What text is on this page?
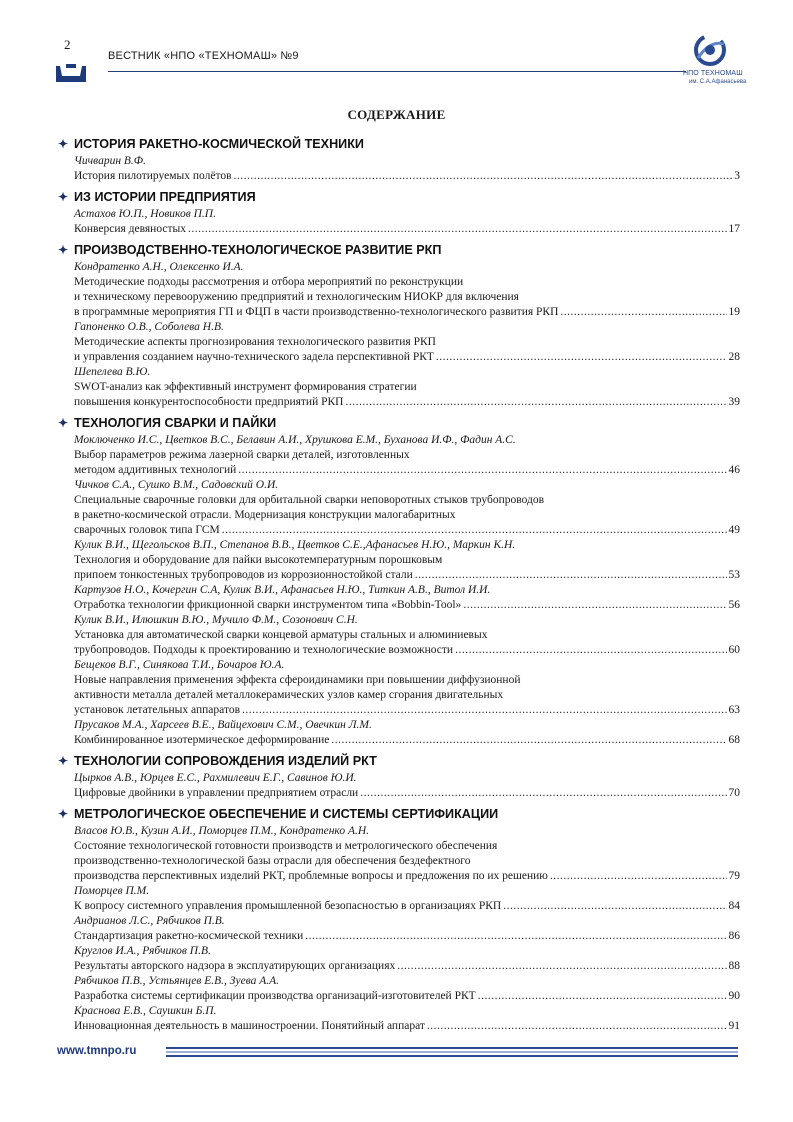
2
ВЕСТНИК «НПО «ТЕХНОМАШ» №9
НПО ТЕХНОМАШ
им. С.А.Афанасьева
СОДЕРЖАНИЕ
✦ ИСТОРИЯ РАКЕТНО-КОСМИЧЕСКОЙ ТЕХНИКИ
Чичварин В.Ф.
История пилотируемых полётов .....	3
✦ ИЗ ИСТОРИИ ПРЕДПРИЯТИЯ
Астахов Ю.П., Новиков П.П.
Конверсия девяностых .....	17
✦ ПРОИЗВОДСТВЕННО-ТЕХНОЛОГИЧЕСКОЕ РАЗВИТИЕ РКП
Кондратенко А.Н., Олексенко И.А.
Методические подходы рассмотрения и отбора мероприятий по реконструкции
и техническому перевооружению предприятий и технологическим НИОКР для включения
в программные мероприятия ГП и ФЦП в части производственно-технологического развития РКП .....	19
Гапоненко О.В., Соболева Н.В.
Методические аспекты прогнозирования технологического развития РКП
и управления созданием научно-технического задела перспективной РКТ .....	28
Шепелева В.Ю.
SWOT-анализ как эффективный инструмент формирования стратегии
повышения конкурентоспособности предприятий РКП .....	39
✦ ТЕХНОЛОГИЯ СВАРКИ И ПАЙКИ
Моключенко И.С., Цветков В.С., Белавин А.И., Хрушкова Е.М., Буханова И.Ф., Фадин А.С.
Выбор параметров режима лазерной сварки деталей, изготовленных
методом аддитивных технологий .....	46
Чичков С.А., Сушко В.М., Садовский О.И.
Специальные сварочные головки для орбитальной сварки неповоротных стыков трубопроводов
в ракетно-космической отрасли. Модернизация конструкции малогабаритных
сварочных головок типа ГСМ .....	49
Кулик В.И., Щегольсков В.П., Степанов В.В., Цветков С.Е.,Афанасьев Н.Ю., Маркин К.Н.
Технология и оборудование для пайки высокотемпературным порошковым
припоем тонкостенных трубопроводов из коррозионностойкой стали .....	53
Картузов Н.О., Кочергин С.А, Кулик В.И., Афанасьев Н.Ю., Титкин А.В., Витол И.И.
Отработка технологии фрикционной сварки инструментом типа «Bobbin-Tool» .....	56
Кулик В.И., Илюшкин В.Ю., Мучило Ф.М., Созонович С.Н.
Установка для автоматической сварки концевой арматуры стальных и алюминиевых
трубопроводов. Подходы к проектированию и технологические возможности .....	60
Бещеков В.Г., Синякова Т.И., Бочаров Ю.А.
Новые направления применения эффекта сфероидинамики при повышении диффузионной
активности металла деталей металлокерамических узлов камер сгорания двигательных
установок летательных аппаратов .....	63
Прусаков М.А., Харсеев В.Е., Вайцехович С.М., Овечкин Л.М.
Комбинированное изотермическое деформирование .....	68
✦ ТЕХНОЛОГИИ СОПРОВОЖДЕНИЯ ИЗДЕЛИЙ РКТ
Цырков А.В., Юрцев Е.С., Рахмилевич Е.Г., Савинов Ю.И.
Цифровые двойники в управлении предприятием отрасли .....	70
✦ МЕТРОЛОГИЧЕСКОЕ ОБЕСПЕЧЕНИЕ И СИСТЕМЫ СЕРТИФИКАЦИИ
Власов Ю.В., Кузин А.И., Поморцев П.М., Кондратенко А.Н.
Состояние технологической готовности производств и метрологического обеспечения
производственно-технологической базы отрасли для обеспечения бездефектного
производства перспективных изделий РКТ, проблемные вопросы и предложения по их решению .....	79
Поморцев П.М.
К вопросу системного управления промышленной безопасностью в организациях РКП .....	84
Андрианов Л.С., Рябчиков П.В.
Стандартизация ракетно-космической техники .....	86
Круглов И.А., Рябчиков П.В.
Результаты авторского надзора в эксплуатирующих организациях .....	88
Рябчиков П.В., Устьянцев Е.В., Зуева А.А.
Разработка системы сертификации производства организаций-изготовителей РКТ .....	90
Краснова Е.В., Саушкин Б.П.
Инновационная деятельность в машиностроении. Понятийный аппарат .....	91
www.tmnpo.ru
